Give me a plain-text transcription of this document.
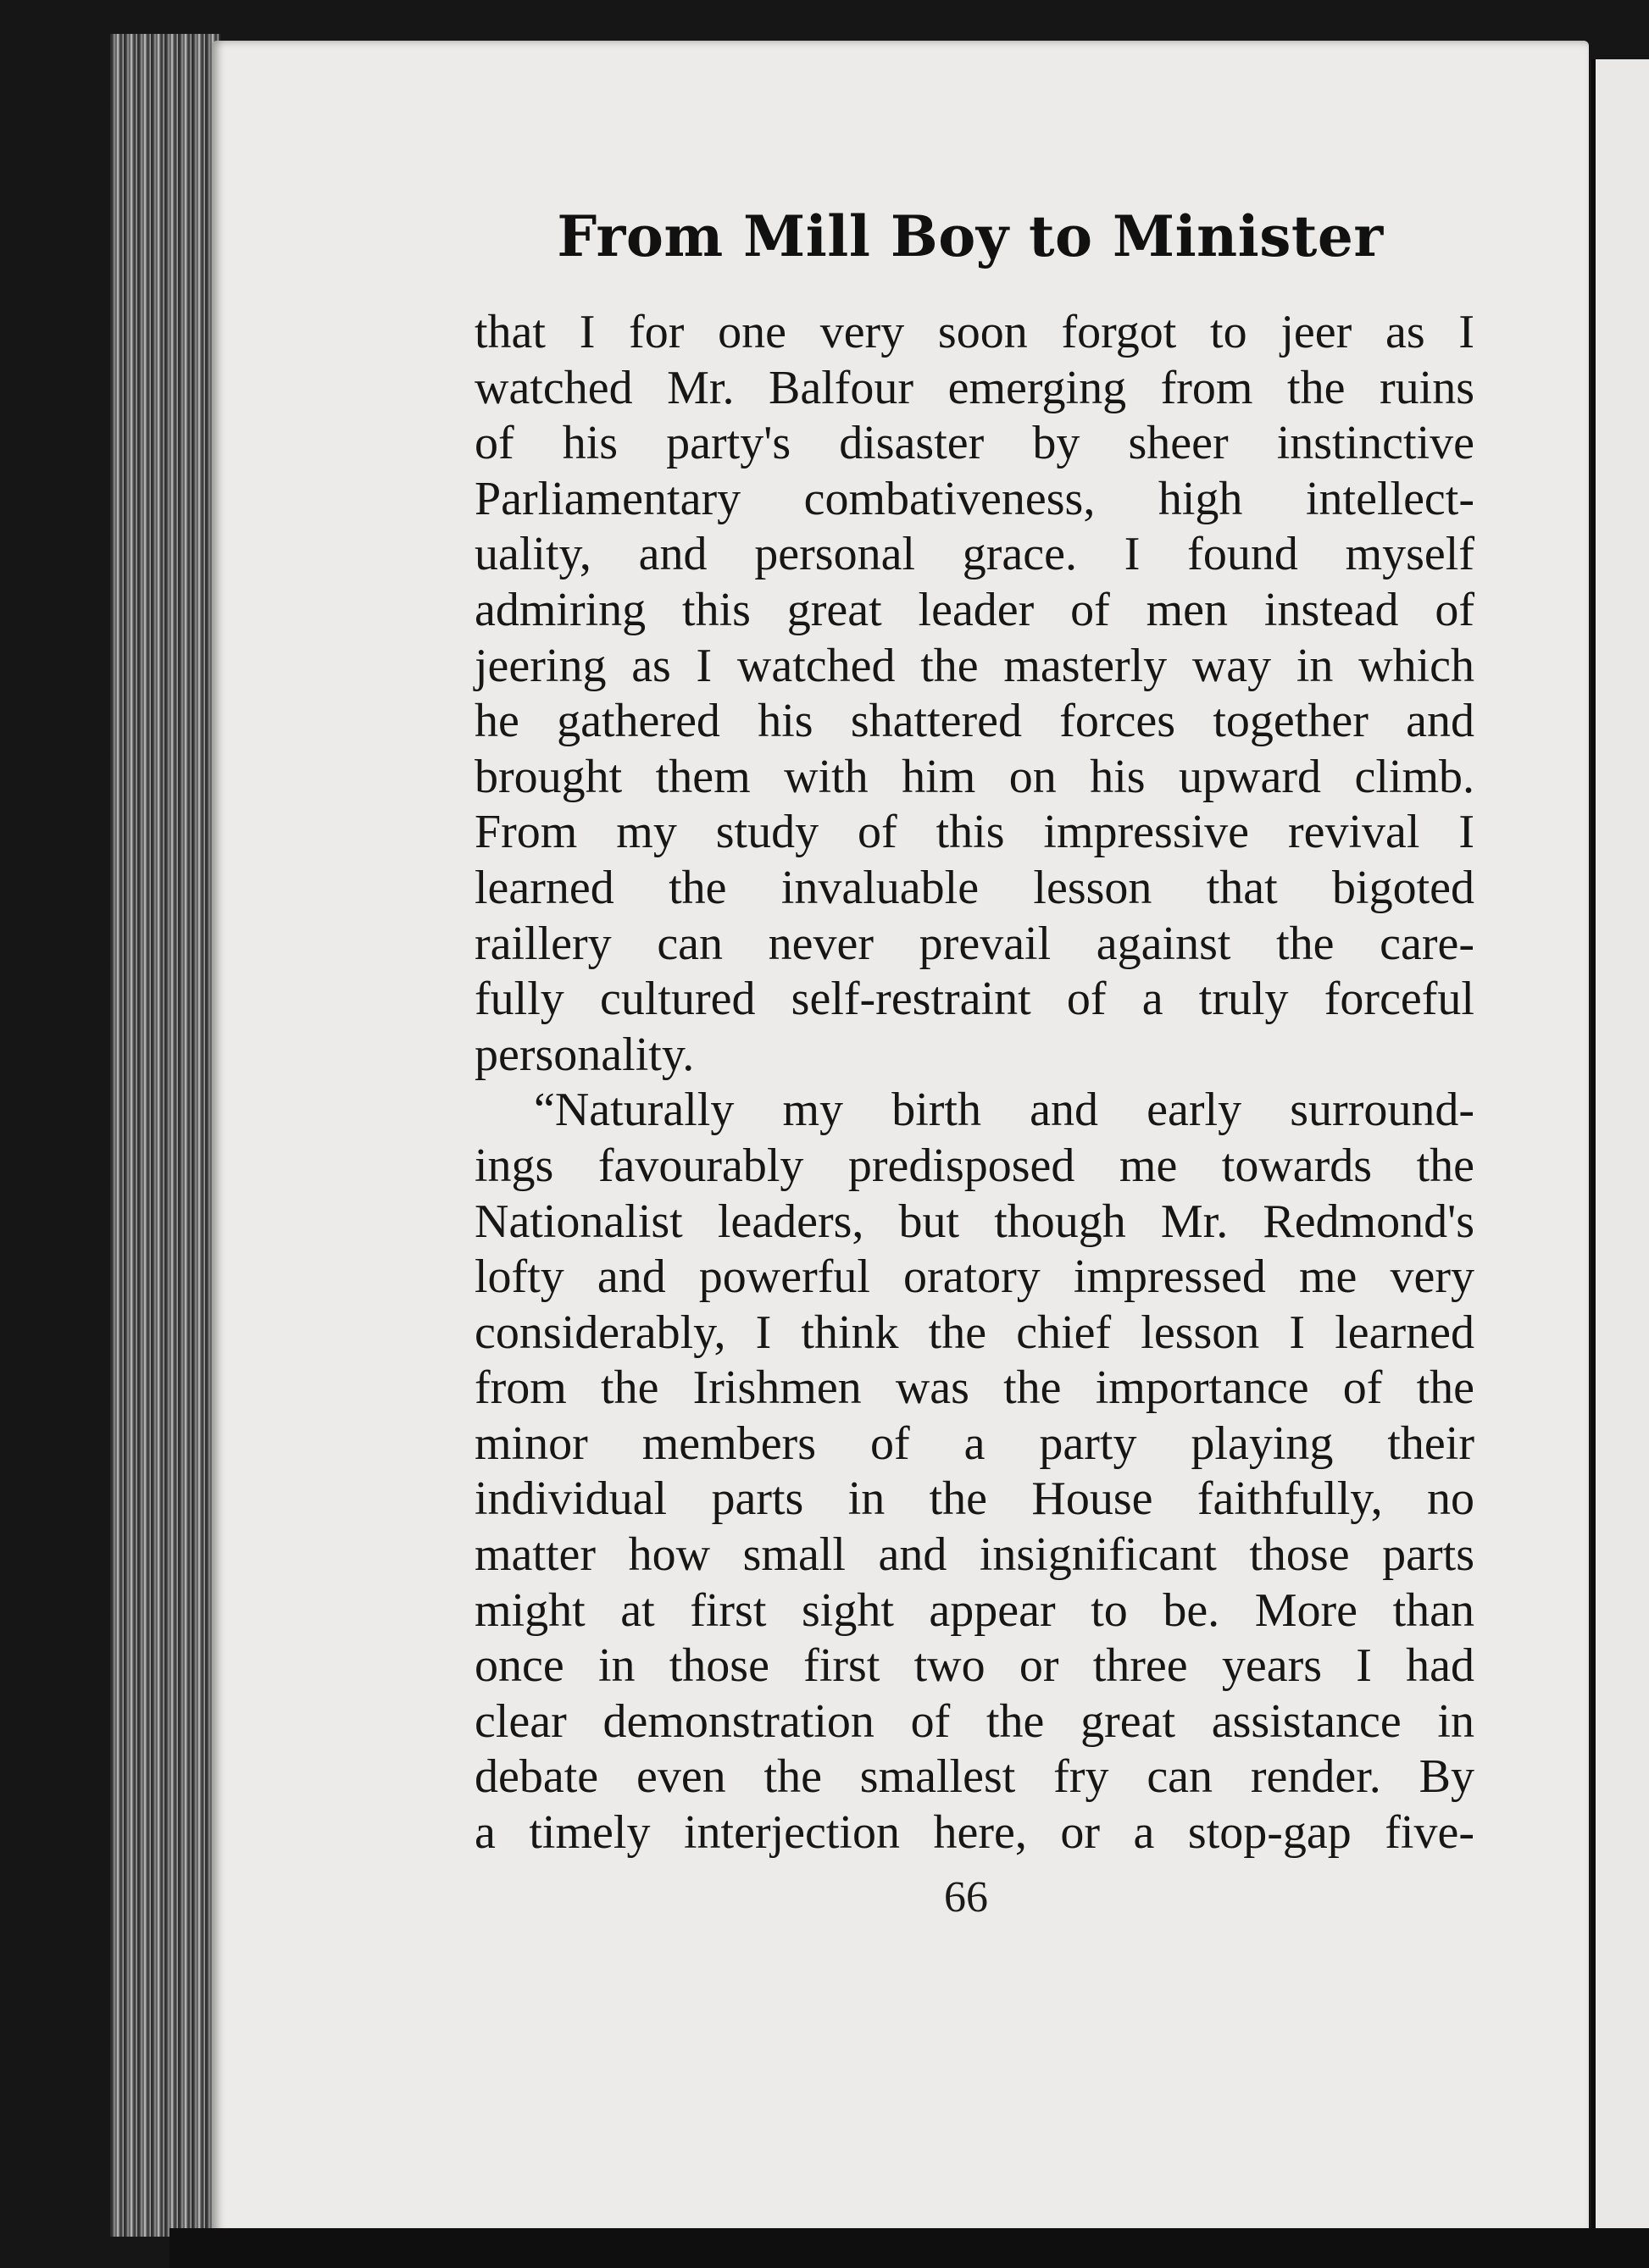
From Mill Boy to Minister
that I for one very soon forgot to jeer as I
watched Mr. Balfour emerging from the ruins
of his party's disaster by sheer instinctive
Parliamentary combativeness, high intellect-
uality, and personal grace. I found myself
admiring this great leader of men instead of
jeering as I watched the masterly way in which
he gathered his shattered forces together and
brought them with him on his upward climb.
From my study of this impressive revival I
learned the invaluable lesson that bigoted
raillery can never prevail against the care-
fully cultured self-restraint of a truly forceful
personality.
“Naturally my birth and early surround-
ings favourably predisposed me towards the
Nationalist leaders, but though Mr. Redmond's
lofty and powerful oratory impressed me very
considerably, I think the chief lesson I learned
from the Irishmen was the importance of the
minor members of a party playing their
individual parts in the House faithfully, no
matter how small and insignificant those parts
might at first sight appear to be. More than
once in those first two or three years I had
clear demonstration of the great assistance in
debate even the smallest fry can render. By
a timely interjection here, or a stop-gap five-
66
